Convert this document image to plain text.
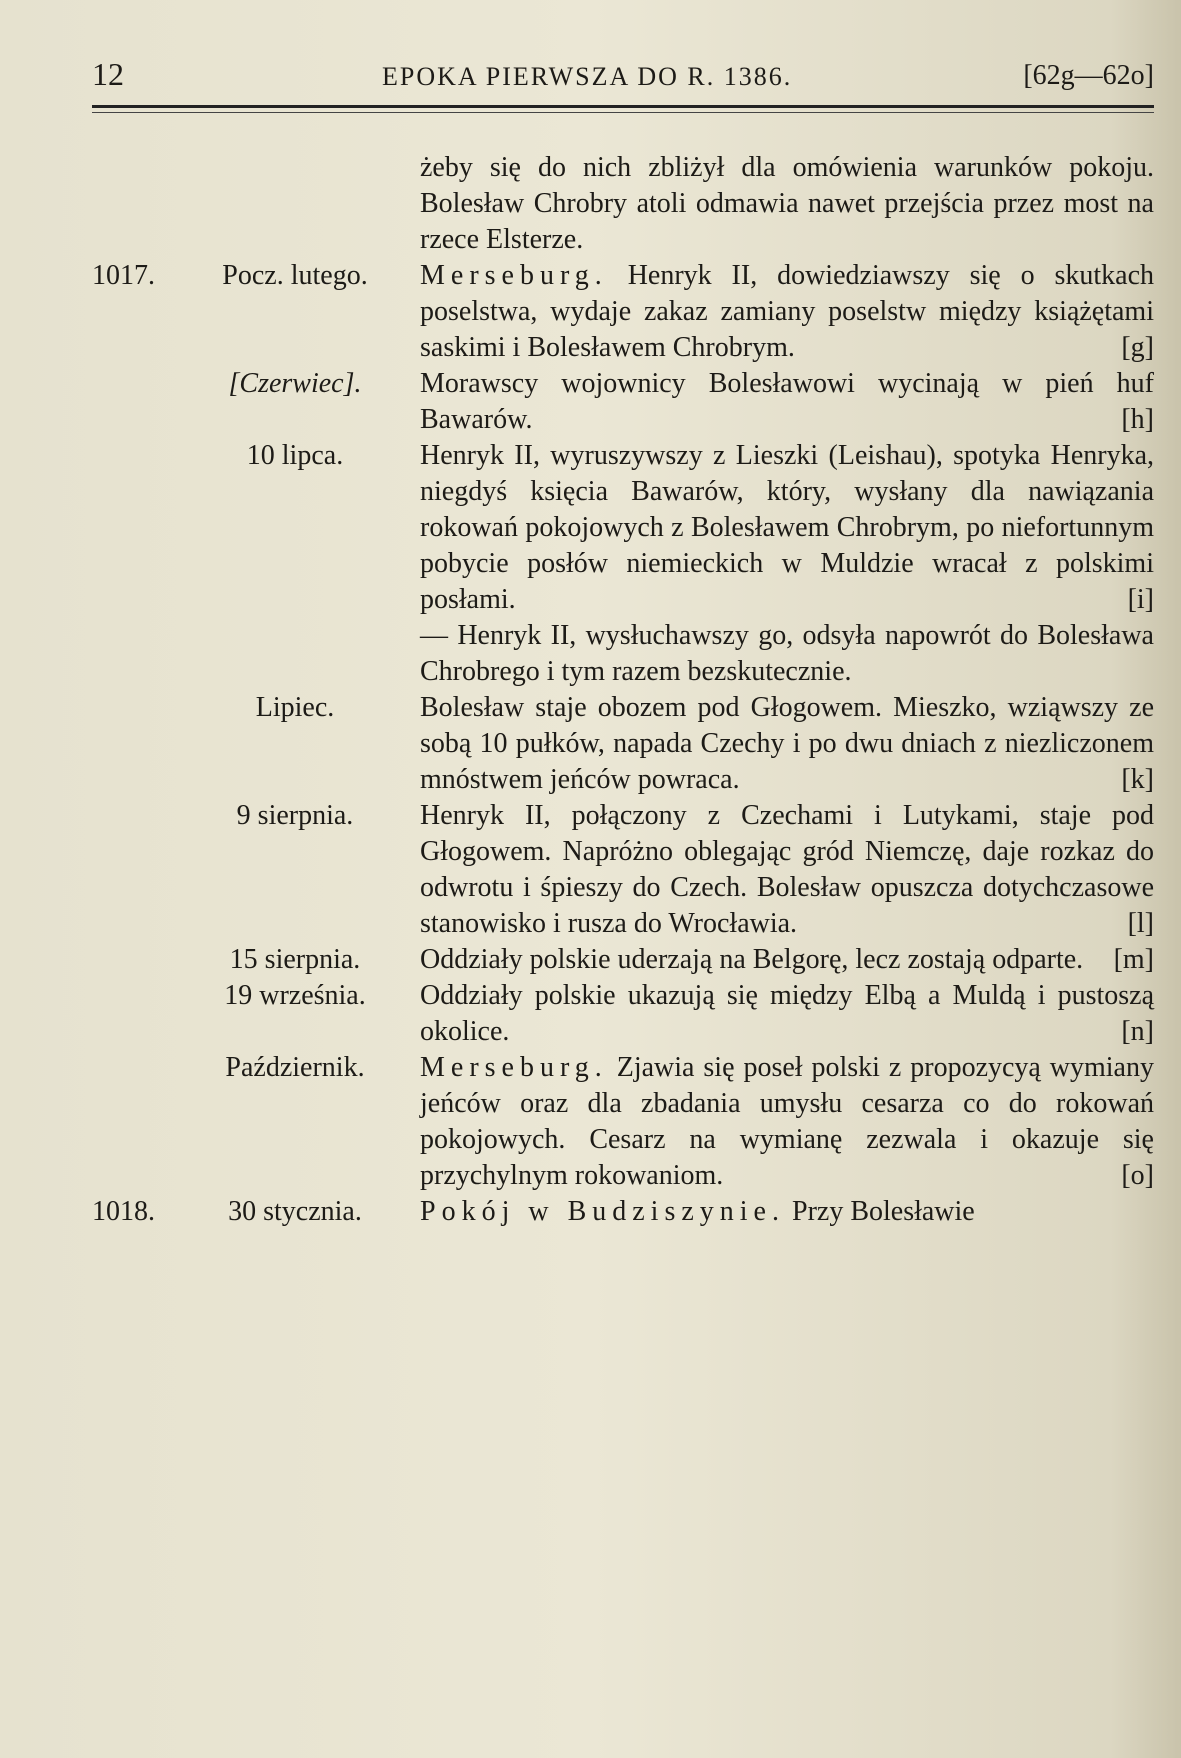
12	EPOKA PIERWSZA DO R. 1386.	[62g—62o]
żeby się do nich zbliżył dla omówienia warunków pokoju. Bolesław Chrobry atoli odmawia nawet przejścia przez most na rzece Elsterze.
1017.	Pocz. lutego.	Merseburg. Henryk II, dowiedziawszy się o skutkach poselstwa, wydaje zakaz zamiany poselstw między książętami saskimi i Bolesławem Chrobrym.	[g]
[Czerwiec].	Morawscy wojownicy Bolesławowi wycinają w pień huf Bawarów.	[h]
10 lipca.	Henryk II, wyruszywszy z Lieszki (Leishau), spotyka Henryka, niegdyś księcia Bawarów, który, wysłany dla nawiązania rokowań pokojowych z Bolesławem Chrobrym, po niefortunnym pobycie posłów niemieckich w Muldzie wracał z polskimi posłami.	[i]
— Henryk II, wysłuchawszy go, odsyła napowrót do Bolesława Chrobrego i tym razem bezskutecznie.
Lipiec.	Bolesław staje obozem pod Głogowem. Mieszko, wziąwszy ze sobą 10 pułków, napada Czechy i po dwu dniach z niezliczonem mnóstwem jeńców powraca.	[k]
9 sierpnia.	Henryk II, połączony z Czechami i Lutykami, staje pod Głogowem. Napróżno oblegając gród Niemczę, daje rozkaz do odwrotu i śpieszy do Czech. Bolesław opuszcza dotychczasowe stanowisko i rusza do Wrocławia.	[l]
15 sierpnia.	Oddziały polskie uderzają na Belgorę, lecz zostają odparte. [m]
19 września.	Oddziały polskie ukazują się między Elbą a Muldą i pustoszą okolice.	[n]
Październik.	Merseburg. Zjawia się poseł polski z propozycyą wymiany jeńców oraz dla zbadania umysłu cesarza co do rokowań pokojowych. Cesarz na wymianę zezwala i okazuje się przychylnym rokowaniom.	[o]
1018.	30 stycznia.	Pokój w Budziszynie. Przy Bolesławie
